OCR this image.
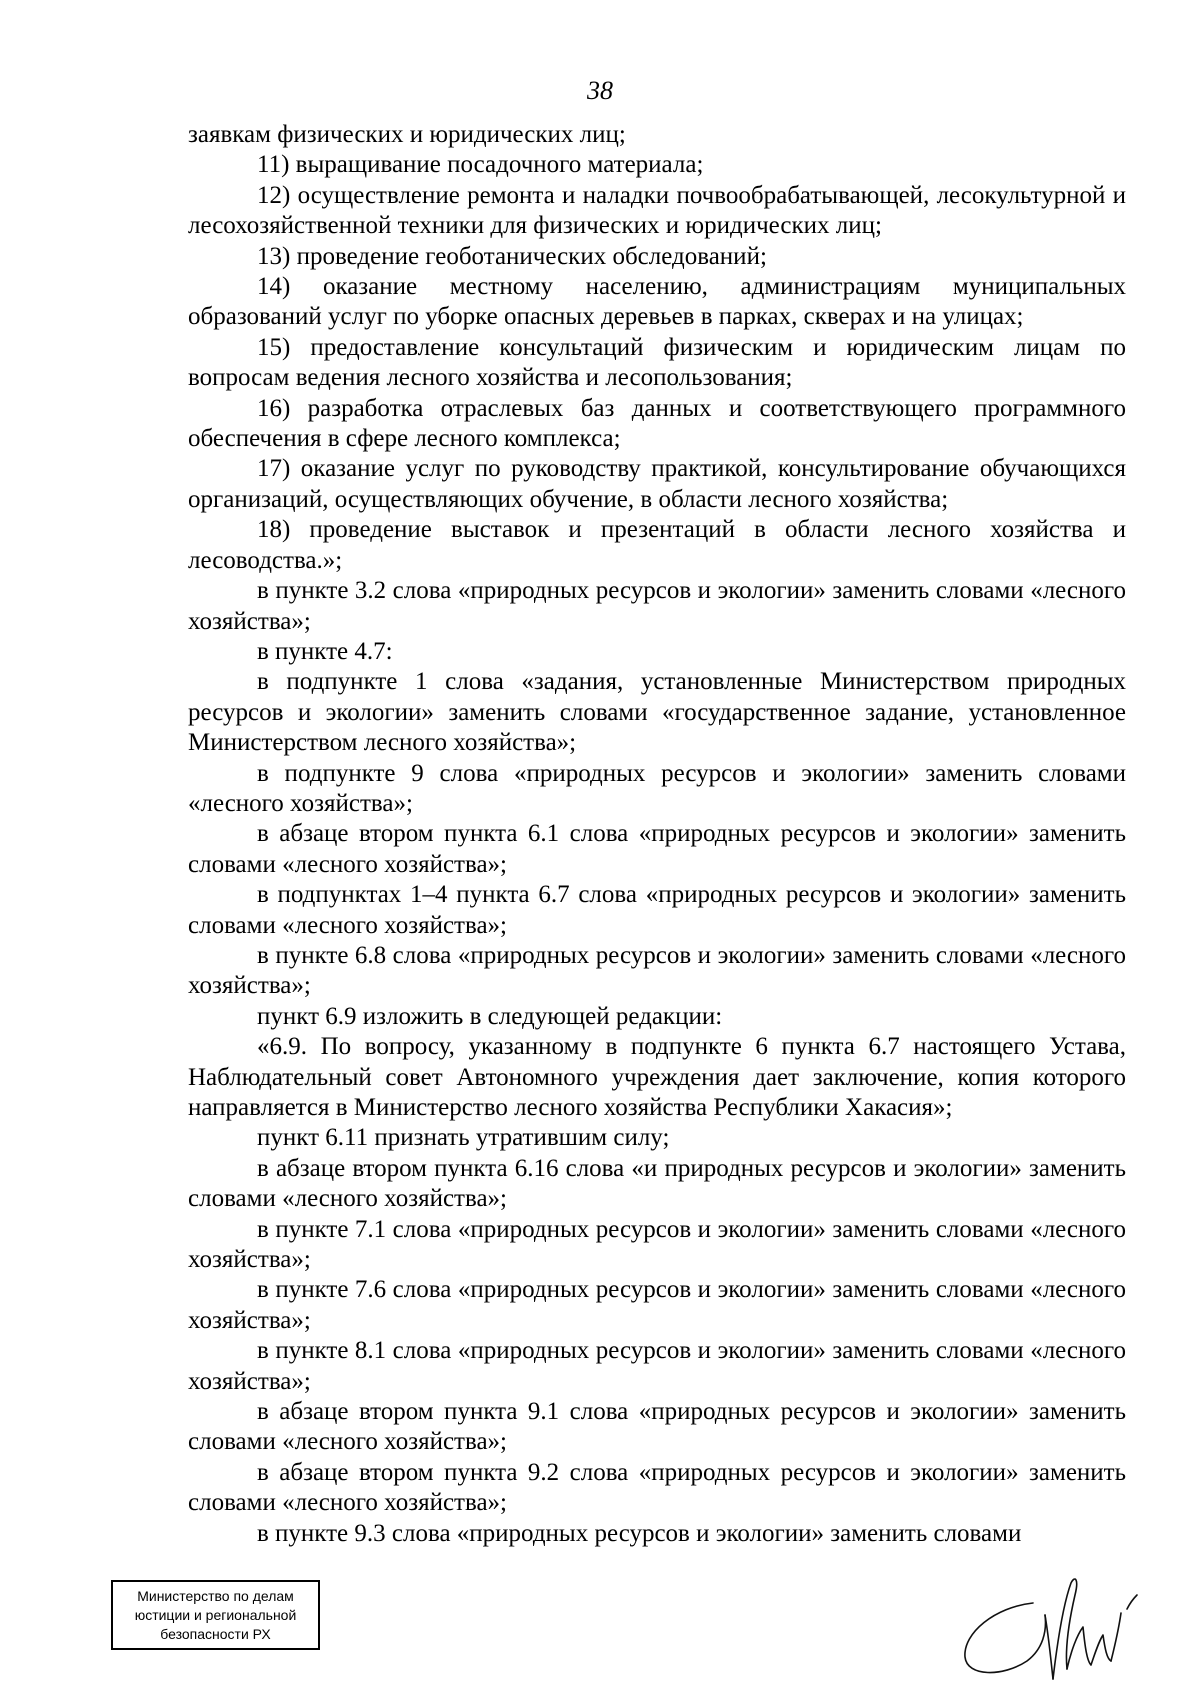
38

заявкам физических и юридических лиц;

11) выращивание посадочного материала;

12) осуществление ремонта и наладки почвообрабатывающей, лесокультурной и лесохозяйственной техники для физических и юридических лиц;

13) проведение геоботанических обследований;

14) оказание местному населению, администрациям муниципальных образований услуг по уборке опасных деревьев в парках, скверах и на улицах;

15) предоставление консультаций физическим и юридическим лицам по вопросам ведения лесного хозяйства и лесопользования;

16) разработка отраслевых баз данных и соответствующего программного обеспечения в сфере лесного комплекса;

17) оказание услуг по руководству практикой, консультирование обучающихся организаций, осуществляющих обучение, в области лесного хозяйства;

18) проведение выставок и презентаций в области лесного хозяйства и лесоводства.»;

в пункте 3.2 слова «природных ресурсов и экологии» заменить словами «лесного хозяйства»;

в пункте 4.7:

в подпункте 1 слова «задания, установленные Министерством природных ресурсов и экологии» заменить словами «государственное задание, установленное Министерством лесного хозяйства»;

в подпункте 9 слова «природных ресурсов и экологии» заменить словами «лесного хозяйства»;

в абзаце втором пункта 6.1 слова «природных ресурсов и экологии» заменить словами «лесного хозяйства»;

в подпунктах 1–4 пункта 6.7 слова «природных ресурсов и экологии» заменить словами «лесного хозяйства»;

в пункте 6.8 слова «природных ресурсов и экологии» заменить словами «лесного хозяйства»;

пункт 6.9 изложить в следующей редакции:

«6.9. По вопросу, указанному в подпункте 6 пункта 6.7 настоящего Устава, Наблюдательный совет Автономного учреждения дает заключение, копия которого направляется в Министерство лесного хозяйства Республики Хакасия»;

пункт 6.11 признать утратившим силу;

в абзаце втором пункта 6.16 слова «и природных ресурсов и экологии» заменить словами «лесного хозяйства»;

в пункте 7.1 слова «природных ресурсов и экологии» заменить словами «лесного хозяйства»;

в пункте 7.6 слова «природных ресурсов и экологии» заменить словами «лесного хозяйства»;

в пункте 8.1 слова «природных ресурсов и экологии» заменить словами «лесного хозяйства»;

в абзаце втором пункта 9.1 слова «природных ресурсов и экологии» заменить словами «лесного хозяйства»;

в абзаце втором пункта 9.2 слова «природных ресурсов и экологии» заменить словами «лесного хозяйства»;

в пункте 9.3 слова «природных ресурсов и экологии» заменить словами

Министерство по делам
юстиции и региональной
безопасности РХ
